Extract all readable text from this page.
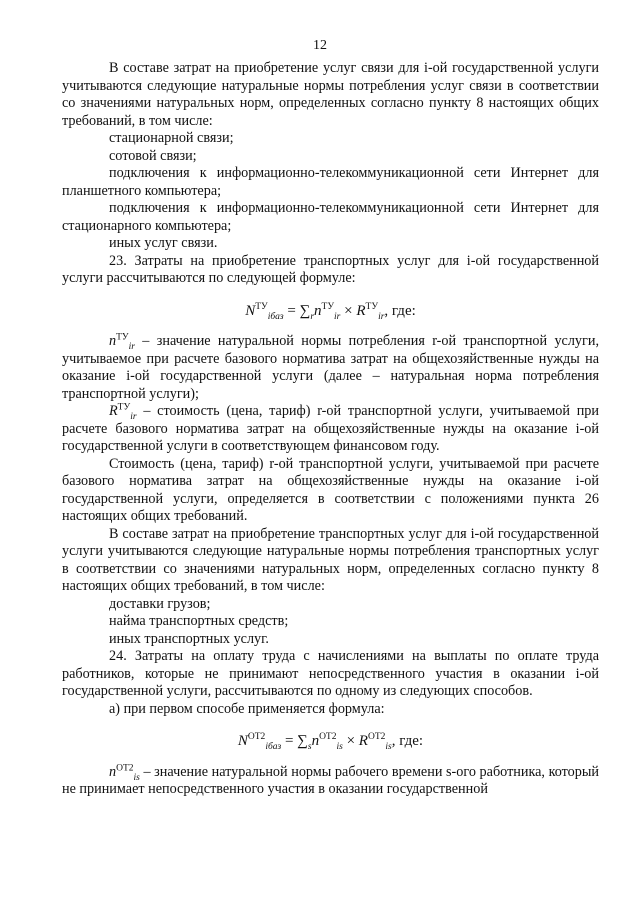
12

В составе затрат на приобретение услуг связи для i-ой государственной услуги учитываются следующие натуральные нормы потребления услуг связи в соответствии со значениями натуральных норм, определенных согласно пункту 8 настоящих общих требований, в том числе:

стационарной связи;

сотовой связи;

подключения к информационно-телекоммуникационной сети Интернет для планшетного компьютера;

подключения к информационно-телекоммуникационной сети Интернет для стационарного компьютера;

иных услуг связи.

23. Затраты на приобретение транспортных услуг для i-ой государственной услуги рассчитываются по следующей формуле:

$N^{ТУ}_{iбаз} = \sum_rn^{ТУ}_{ir} \times R^{ТУ}_{ir}$, где:

$n^{ТУ}_{ir}$ – значение натуральной нормы потребления r-ой транспортной услуги, учитываемое при расчете базового норматива затрат на общехозяйственные нужды на оказание i-ой государственной услуги (далее – натуральная норма потребления транспортной услуги);

$R^{ТУ}_{ir}$ – стоимость (цена, тариф) r-ой транспортной услуги, учитываемой при расчете базового норматива затрат на общехозяйственные нужды на оказание i-ой государственной услуги в соответствующем финансовом году.

Стоимость (цена, тариф) r-ой транспортной услуги, учитываемой при расчете базового норматива затрат на общехозяйственные нужды на оказание i-ой государственной услуги, определяется в соответствии с положениями пункта 26 настоящих общих требований.

В составе затрат на приобретение транспортных услуг для i-ой государственной услуги учитываются следующие натуральные нормы потребления транспортных услуг в соответствии со значениями натуральных норм, определенных согласно пункту 8 настоящих общих требований, в том числе:

доставки грузов;

найма транспортных средств;

иных транспортных услуг.

24. Затраты на оплату труда с начислениями на выплаты по оплате труда работников, которые не принимают непосредственного участия в оказании i-ой государственной услуги, рассчитываются по одному из следующих способов.

а) при первом способе применяется формула:

$N^{ОТ2}_{iбаз} = \sum_sn^{ОТ2}_{is} \times R^{ОТ2}_{is}$, где:

$n^{ОТ2}_{is}$ – значение натуральной нормы рабочего времени s-ого работника, который не принимает непосредственного участия в оказании государственной
